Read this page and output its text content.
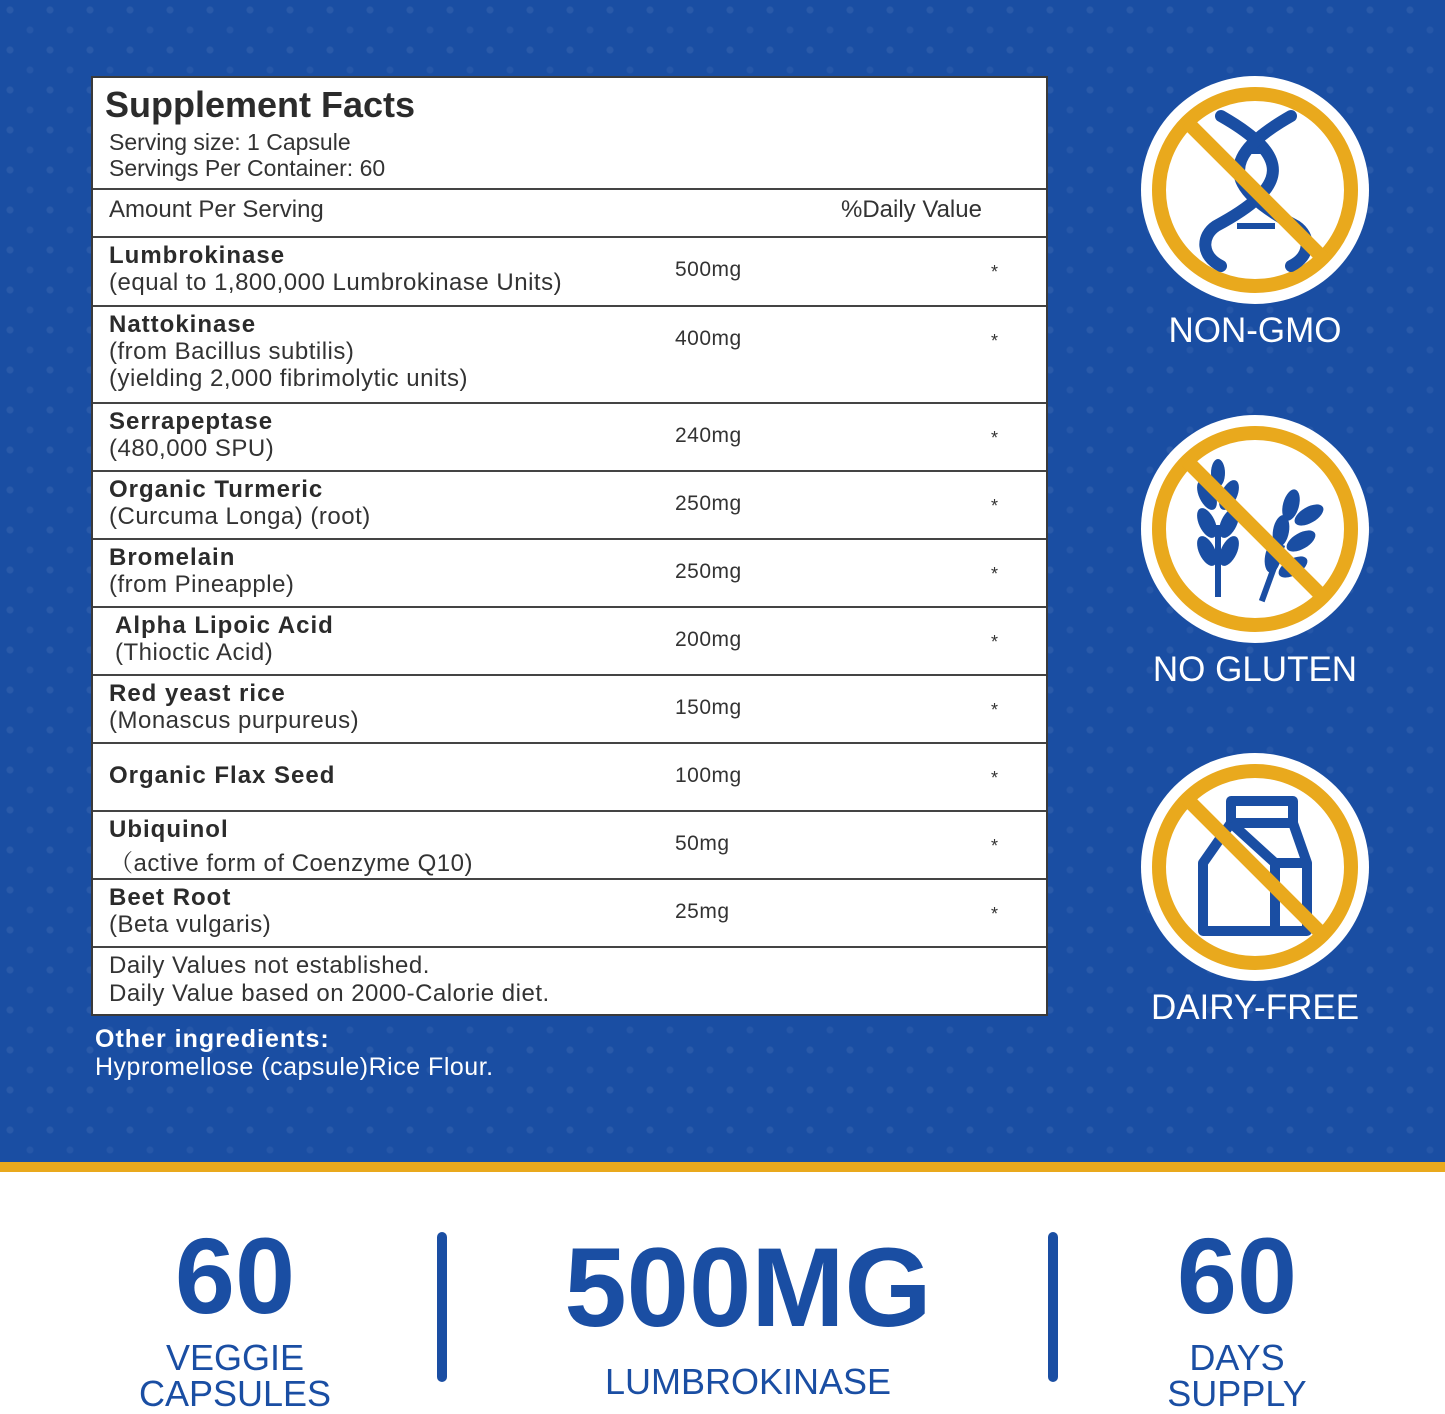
Supplement Facts
Serving size: 1 Capsule
Servings Per Container: 60
Amount Per Serving	%Daily Value
Lumbrokinase
(equal to 1,800,000 Lumbrokinase Units)	500mg	*
Nattokinase
(from Bacillus subtilis)
(yielding 2,000 fibrimolytic units)
400mg	*
Serrapeptase
(480,000 SPU)	240mg	*
Organic Turmeric
(Curcuma Longa) (root)	250mg	*
Bromelain
(from Pineapple)	250mg	*
Alpha Lipoic Acid
(Thioctic Acid)	200mg	*
Red yeast rice
(Monascus purpureus)	150mg	*
Organic Flax Seed	100mg	*
Ubiquinol
（active form of Coenzyme Q10)
50mg	*
Beet Root
(Beta vulgaris)	25mg	*
Daily Values not established.
Daily Value based on 2000-Calorie diet.
Other ingredients:
Hypromellose (capsule)Rice Flour.
NON-GMO
NO GLUTEN
DAIRY-FREE
60
VEGGIE
CAPSULES
500MG
LUMBROKINASE
60
DAYS
SUPPLY
